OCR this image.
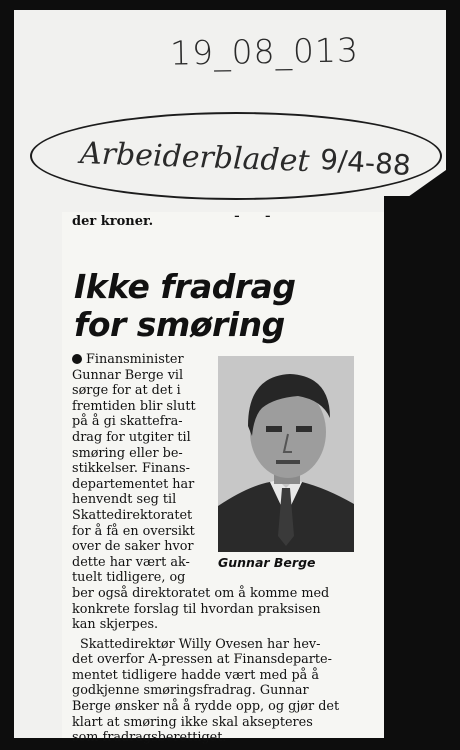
19_08_013
Arbeiderbladet 9/4-88
der kroner.	- -
Ikke fradrag
for smøring
Gunnar Berge
Finansminister
Gunnar Berge vil
sørge for at det i
fremtiden blir slutt
på å gi skattefra-
drag for utgiter til
smøring eller be-
stikkelser. Finans-
departementet har
henvendt seg til
Skattedirektoratet
for å få en oversikt
over de saker hvor
dette har vært ak-
tuelt tidligere, og
ber også direktoratet om å komme med
konkrete forslag til hvordan praksisen
kan skjerpes.
Skattedirektør Willy Ovesen har hev-
det overfor A-pressen at Finansdeparte-
mentet tidligere hadde vært med på å
godkjenne smøringsfradrag. Gunnar
Berge ønsker nå å rydde opp, og gjør det
klart at smøring ikke skal aksepteres
som fradragsberettiget.
